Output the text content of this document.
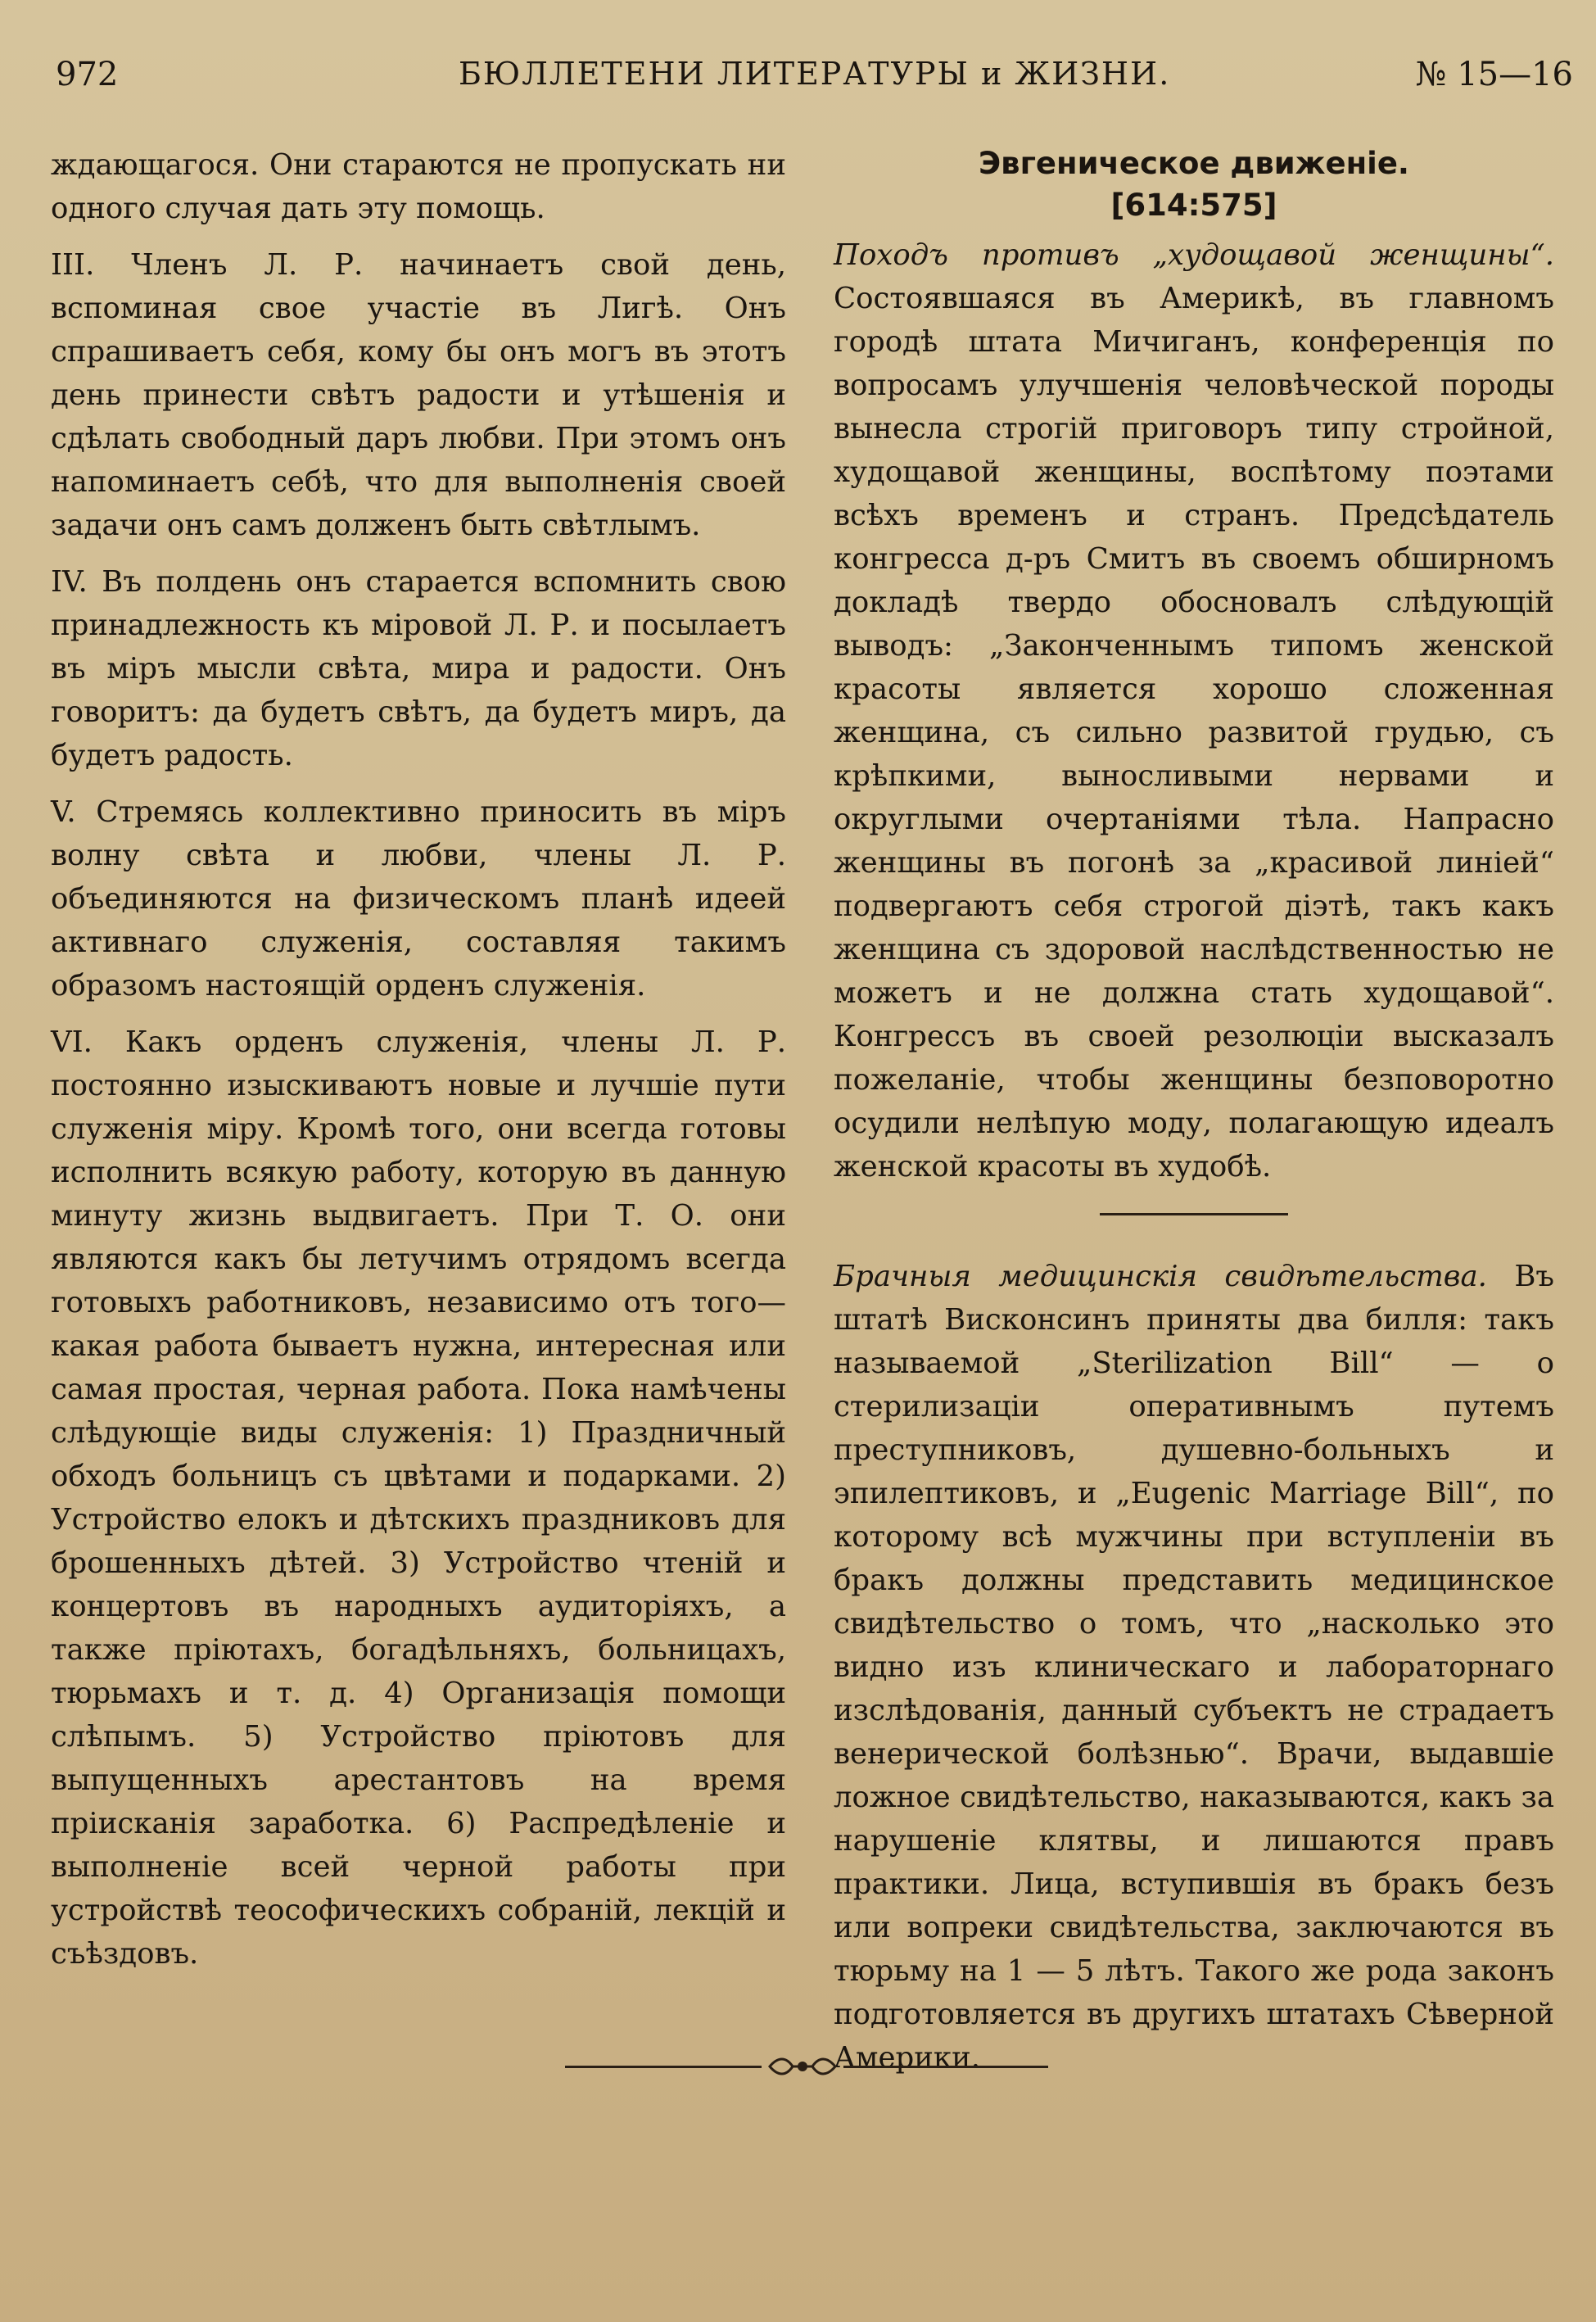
972	БЮЛЛЕТЕНИ ЛИТЕРАТУРЫ и ЖИЗНИ.	№ 15—16

ждающагося. Они стараются не пропускать ни одного случая дать эту помощь.

III. Членъ Л. Р. начинаетъ свой день, вспоминая свое участіе въ Лигѣ. Онъ спрашиваетъ себя, кому бы онъ могъ въ этотъ день принести свѣтъ радости и утѣшенія и сдѣлать свободный даръ любви. При этомъ онъ напоминаетъ себѣ, что для выполненія своей задачи онъ самъ долженъ быть свѣтлымъ.

IV. Въ полдень онъ старается вспомнить свою принадлежность къ міровой Л. Р. и посылаетъ въ міръ мысли свѣта, мира и радости. Онъ говоритъ: да будетъ свѣтъ, да будетъ миръ, да будетъ радость.

V. Стремясь коллективно приносить въ міръ волну свѣта и любви, члены Л. Р. объединяются на физическомъ планѣ идеей активнаго служенія, составляя такимъ образомъ настоящій орденъ служенія.

VI. Какъ орденъ служенія, члены Л. Р. постоянно изыскиваютъ новые и лучшіе пути служенія міру. Кромѣ того, они всегда готовы исполнить всякую работу, которую въ данную минуту жизнь выдвигаетъ. При Т. О. они являются какъ бы летучимъ отрядомъ всегда готовыхъ работниковъ, независимо отъ того— какая работа бываетъ нужна, интересная или самая простая, черная работа. Пока намѣчены слѣдующіе виды служенія: 1) Праздничный обходъ больницъ съ цвѣтами и подарками. 2) Устройство елокъ и дѣтскихъ праздниковъ для брошенныхъ дѣтей. 3) Устройство чтеній и концертовъ въ народныхъ аудиторіяхъ, а также пріютахъ, богадѣльняхъ, больницахъ, тюрьмахъ и т. д. 4) Организація помощи слѣпымъ. 5) Устройство пріютовъ для выпущенныхъ арестантовъ на время пріисканія заработка. 6) Распредѣленіе и выполненіе всей черной работы при устройствѣ теософическихъ собраній, лекцій и съѣздовъ.

Эвгеническое движеніе.
[614:575]

Походъ противъ „худощавой женщины“. Состоявшаяся въ Америкѣ, въ главномъ городѣ штата Мичиганъ, конференція по вопросамъ улучшенія человѣческой породы вынесла строгій приговоръ типу стройной, худощавой женщины, воспѣтому поэтами всѣхъ временъ и странъ. Предсѣдатель конгресса д-ръ Смитъ въ своемъ обширномъ докладѣ твердо обосновалъ слѣдующій выводъ: „Законченнымъ типомъ женской красоты является хорошо сложенная женщина, съ сильно развитой грудью, съ крѣпкими, выносливыми нервами и округлыми очертаніями тѣла. Напрасно женщины въ погонѣ за „красивой линіей“ подвергаютъ себя строгой діэтѣ, такъ какъ женщина съ здоровой наслѣдственностью не можетъ и не должна стать худощавой“. Конгрессъ въ своей резолюціи высказалъ пожеланіе, чтобы женщины безповоротно осудили нелѣпую моду, полагающую идеалъ женской красоты въ худобѣ.

Брачныя медицинскія свидѣтельства. Въ штатѣ Висконсинъ приняты два билля: такъ называемой „Sterilization Bill“ — о стерилизаціи оперативнымъ путемъ преступниковъ, душевно-больныхъ и эпилептиковъ, и „Eugenic Marriage Bill“, по которому всѣ мужчины при вступленіи въ бракъ должны представить медицинское свидѣтельство о томъ, что „насколько это видно изъ клиническаго и лабораторнаго изслѣдованія, данный субъектъ не страдаетъ венерической болѣзнью“. Врачи, выдавшіе ложное свидѣтельство, наказываются, какъ за нарушеніе клятвы, и лишаются правъ практики. Лица, вступившія въ бракъ безъ или вопреки свидѣтельства, заключаются въ тюрьму на 1 — 5 лѣтъ. Такого же рода законъ подготовляется въ другихъ штатахъ Сѣверной Америки.
